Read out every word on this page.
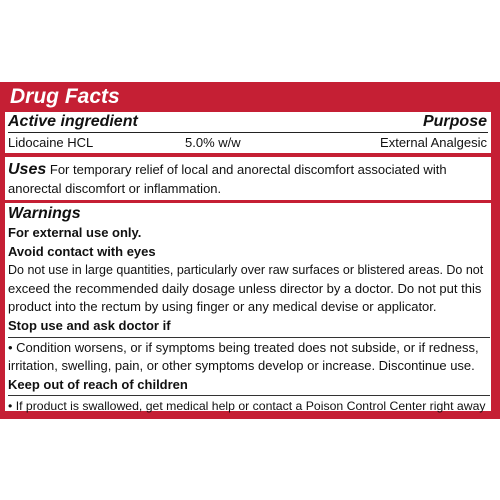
Drug Facts
Active ingredient	Purpose
Lidocaine HCL	5.0% w/w	External Analgesic
Uses For temporary relief of local and anorectal discomfort associated with anorectal discomfort or inflammation.
Warnings
For external use only.
Avoid contact with eyes
Do not use in large quantities, particularly over raw surfaces or blistered areas. Do not
exceed the recommended daily dosage unless director by a doctor. Do not put this
product into the rectum by using finger or any medical devise or applicator.
Stop use and ask doctor if
• Condition worsens, or if symptoms being treated does not subside, or if redness,
irritation, swelling, pain, or other symptoms develop or increase. Discontinue use.
Keep out of reach of children
• If product is swallowed, get medical help or contact a Poison Control Center right away
